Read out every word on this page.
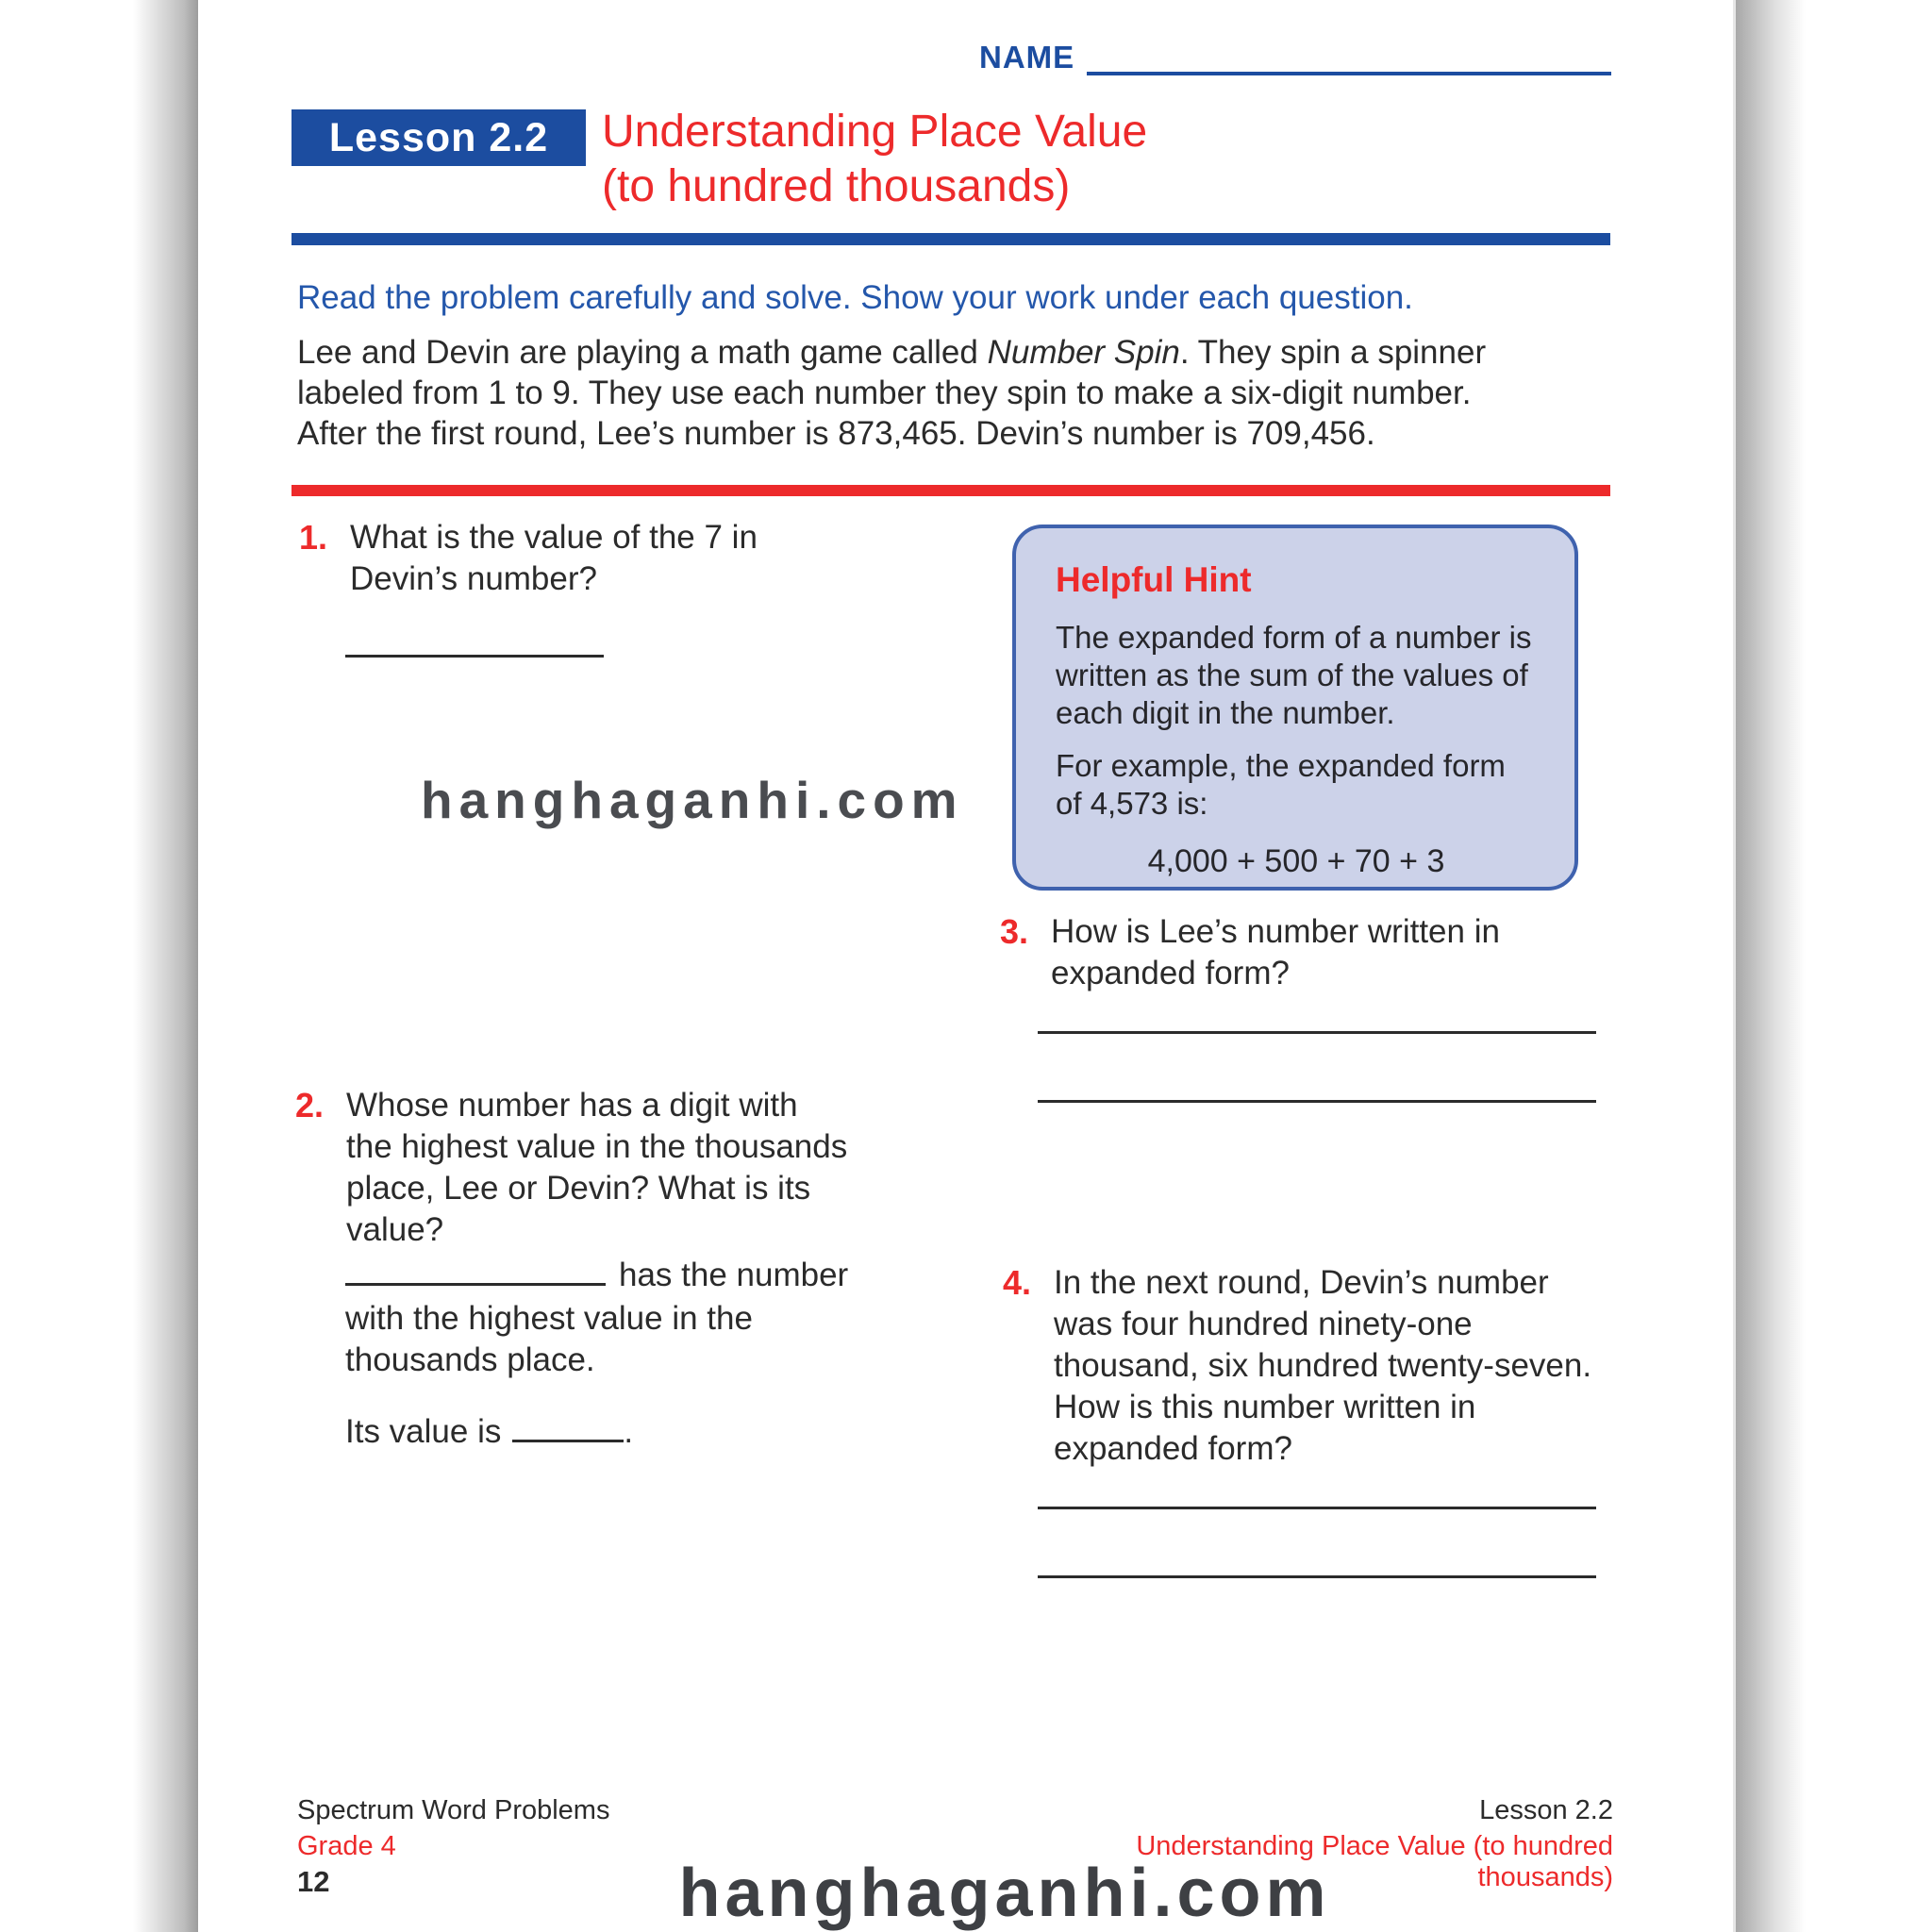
NAME
Lesson 2.2	Understanding Place Value
(to hundred thousands)
Read the problem carefully and solve. Show your work under each question.
Lee and Devin are playing a math game called Number Spin. They spin a spinner
labeled from 1 to 9. They use each number they spin to make a six-digit number.
After the first round, Lee’s number is 873,465. Devin’s number is 709,456.
1. What is the value of the 7 in
Devin’s number?	Helpful Hint
The expanded form of a number is
written as the sum of the values of
each digit in the number.
For example, the expanded form
of 4,573 is:
4,000 + 500 + 70 + 3
3. How is Lee’s number written in
expanded form?
2. Whose number has a digit with
the highest value in the thousands
place, Lee or Devin? What is its
value?
has the number
with the highest value in the
thousands place.
Its value is	.
4. In the next round, Devin’s number
was four hundred ninety-one
thousand, six hundred twenty-seven.
How is this number written in
expanded form?
hanghaganhi.com
hanghaganhi.com
Spectrum Word Problems
Grade 4
12
Lesson 2.2
Understanding Place Value (to hundred thousands)
